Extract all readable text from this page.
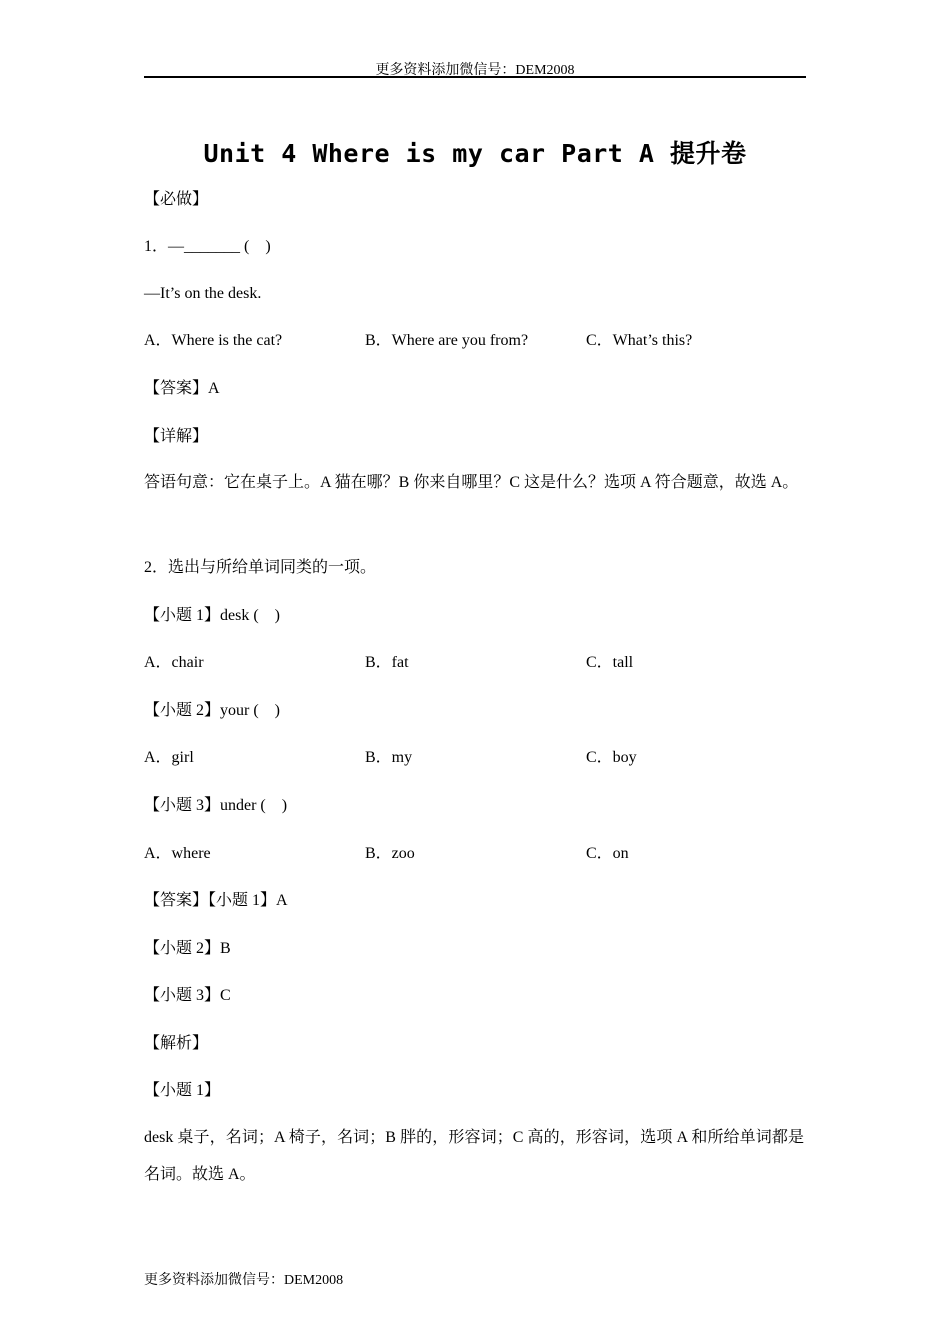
更多资料添加微信号：DEM2008
Unit 4 Where is my car Part A 提升卷
【必做】
1．—_______ (    )
—It’s on the desk.
A．Where is the cat?	B．Where are you from?	C．What’s this?
【答案】A
【详解】
答语句意：它在桌子上。A 猫在哪？B 你来自哪里？C 这是什么？选项 A 符合题意，故选 A。
2．选出与所给单词同类的一项。
【小题 1】desk (    )
A．chair	B．fat	C．tall
【小题 2】your (    )
A．girl	B．my	C．boy
【小题 3】under (    )
A．where	B．zoo	C．on
【答案】【小题 1】A
【小题 2】B
【小题 3】C
【解析】
【小题 1】
desk 桌子，名词；A 椅子，名词；B 胖的，形容词；C 高的，形容词，选项 A 和所给单词都是名词。故选 A。
更多资料添加微信号：DEM2008
